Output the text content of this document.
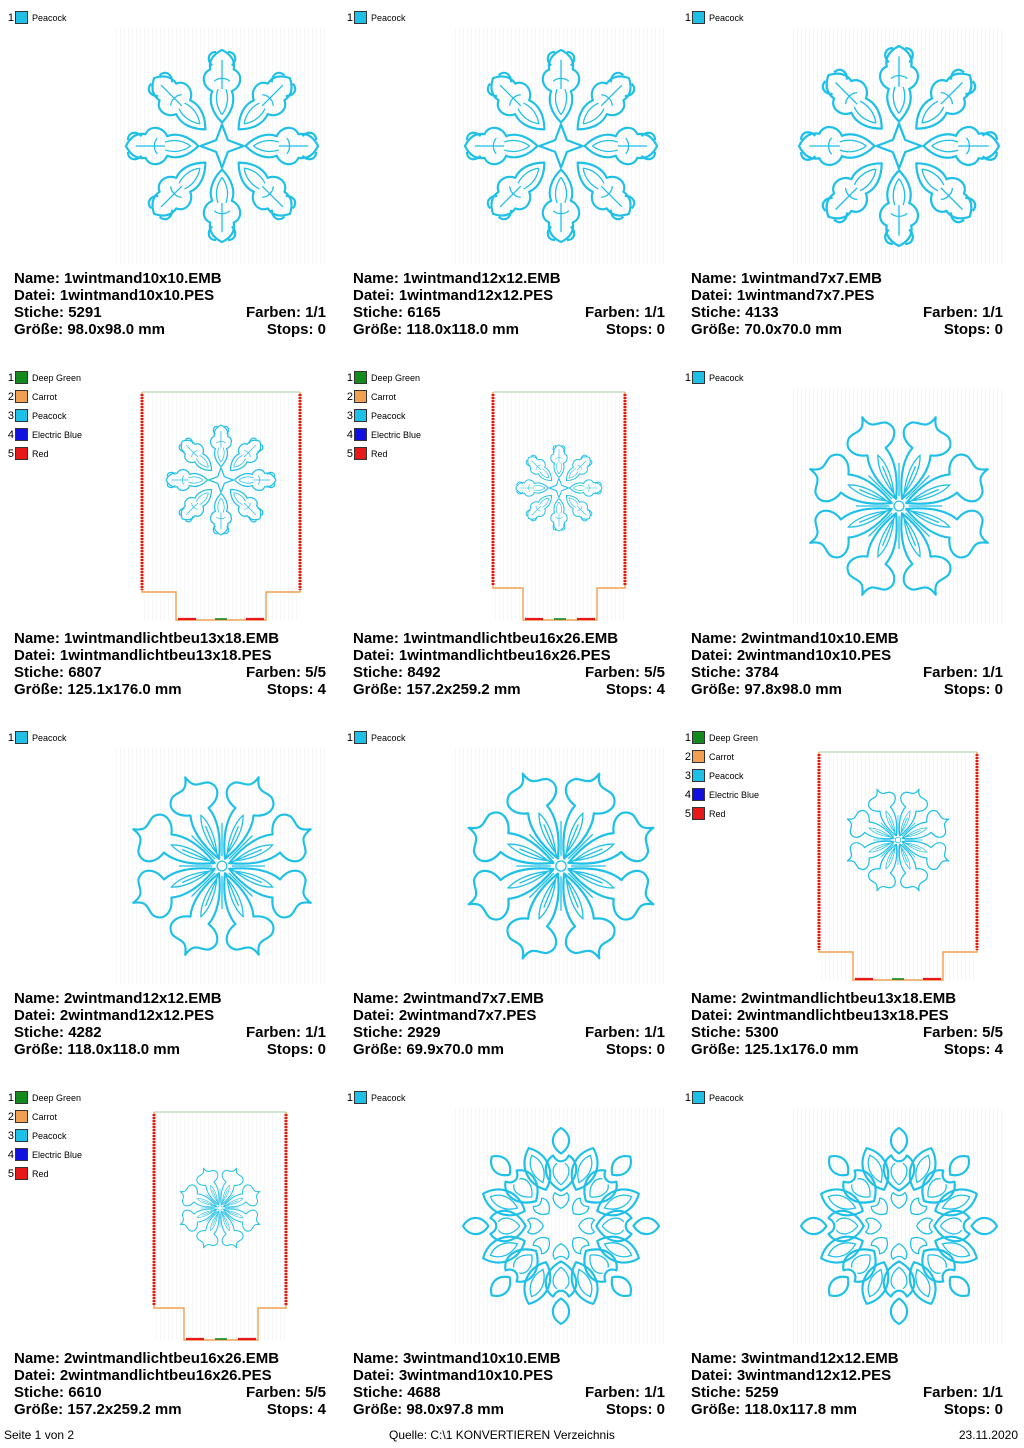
1 Peacock
Name: 1wintmand10x10.EMB
Datei: 1wintmand10x10.PES
Stiche: 5291	Farben: 1/1
Größe: 98.0x98.0 mm	Stops: 0
1 Peacock
Name: 1wintmand12x12.EMB
Datei: 1wintmand12x12.PES
Stiche: 6165	Farben: 1/1
Größe: 118.0x118.0 mm	Stops: 0
1 Peacock
Name: 1wintmand7x7.EMB
Datei: 1wintmand7x7.PES
Stiche: 4133	Farben: 1/1
Größe: 70.0x70.0 mm	Stops: 0
1 Deep Green
2 Carrot
3 Peacock
4 Electric Blue
5 Red
Name: 1wintmandlichtbeu13x18.EMB
Datei: 1wintmandlichtbeu13x18.PES
Stiche: 6807	Farben: 5/5
Größe: 125.1x176.0 mm	Stops: 4
1 Deep Green
2 Carrot
3 Peacock
4 Electric Blue
5 Red
Name: 1wintmandlichtbeu16x26.EMB
Datei: 1wintmandlichtbeu16x26.PES
Stiche: 8492	Farben: 5/5
Größe: 157.2x259.2 mm	Stops: 4
1 Peacock
Name: 2wintmand10x10.EMB
Datei: 2wintmand10x10.PES
Stiche: 3784	Farben: 1/1
Größe: 97.8x98.0 mm	Stops: 0
1 Peacock
Name: 2wintmand12x12.EMB
Datei: 2wintmand12x12.PES
Stiche: 4282	Farben: 1/1
Größe: 118.0x118.0 mm	Stops: 0
1 Peacock
Name: 2wintmand7x7.EMB
Datei: 2wintmand7x7.PES
Stiche: 2929	Farben: 1/1
Größe: 69.9x70.0 mm	Stops: 0
1 Deep Green
2 Carrot
3 Peacock
4 Electric Blue
5 Red
Name: 2wintmandlichtbeu13x18.EMB
Datei: 2wintmandlichtbeu13x18.PES
Stiche: 5300	Farben: 5/5
Größe: 125.1x176.0 mm	Stops: 4
1 Deep Green
2 Carrot
3 Peacock
4 Electric Blue
5 Red
Name: 2wintmandlichtbeu16x26.EMB
Datei: 2wintmandlichtbeu16x26.PES
Stiche: 6610	Farben: 5/5
Größe: 157.2x259.2 mm	Stops: 4
1 Peacock
Name: 3wintmand10x10.EMB
Datei: 3wintmand10x10.PES
Stiche: 4688	Farben: 1/1
Größe: 98.0x97.8 mm	Stops: 0
1 Peacock
Name: 3wintmand12x12.EMB
Datei: 3wintmand12x12.PES
Stiche: 5259	Farben: 1/1
Größe: 118.0x117.8 mm	Stops: 0
Seite 1 von 2	Quelle: C:\1 KONVERTIEREN Verzeichnis	23.11.2020
